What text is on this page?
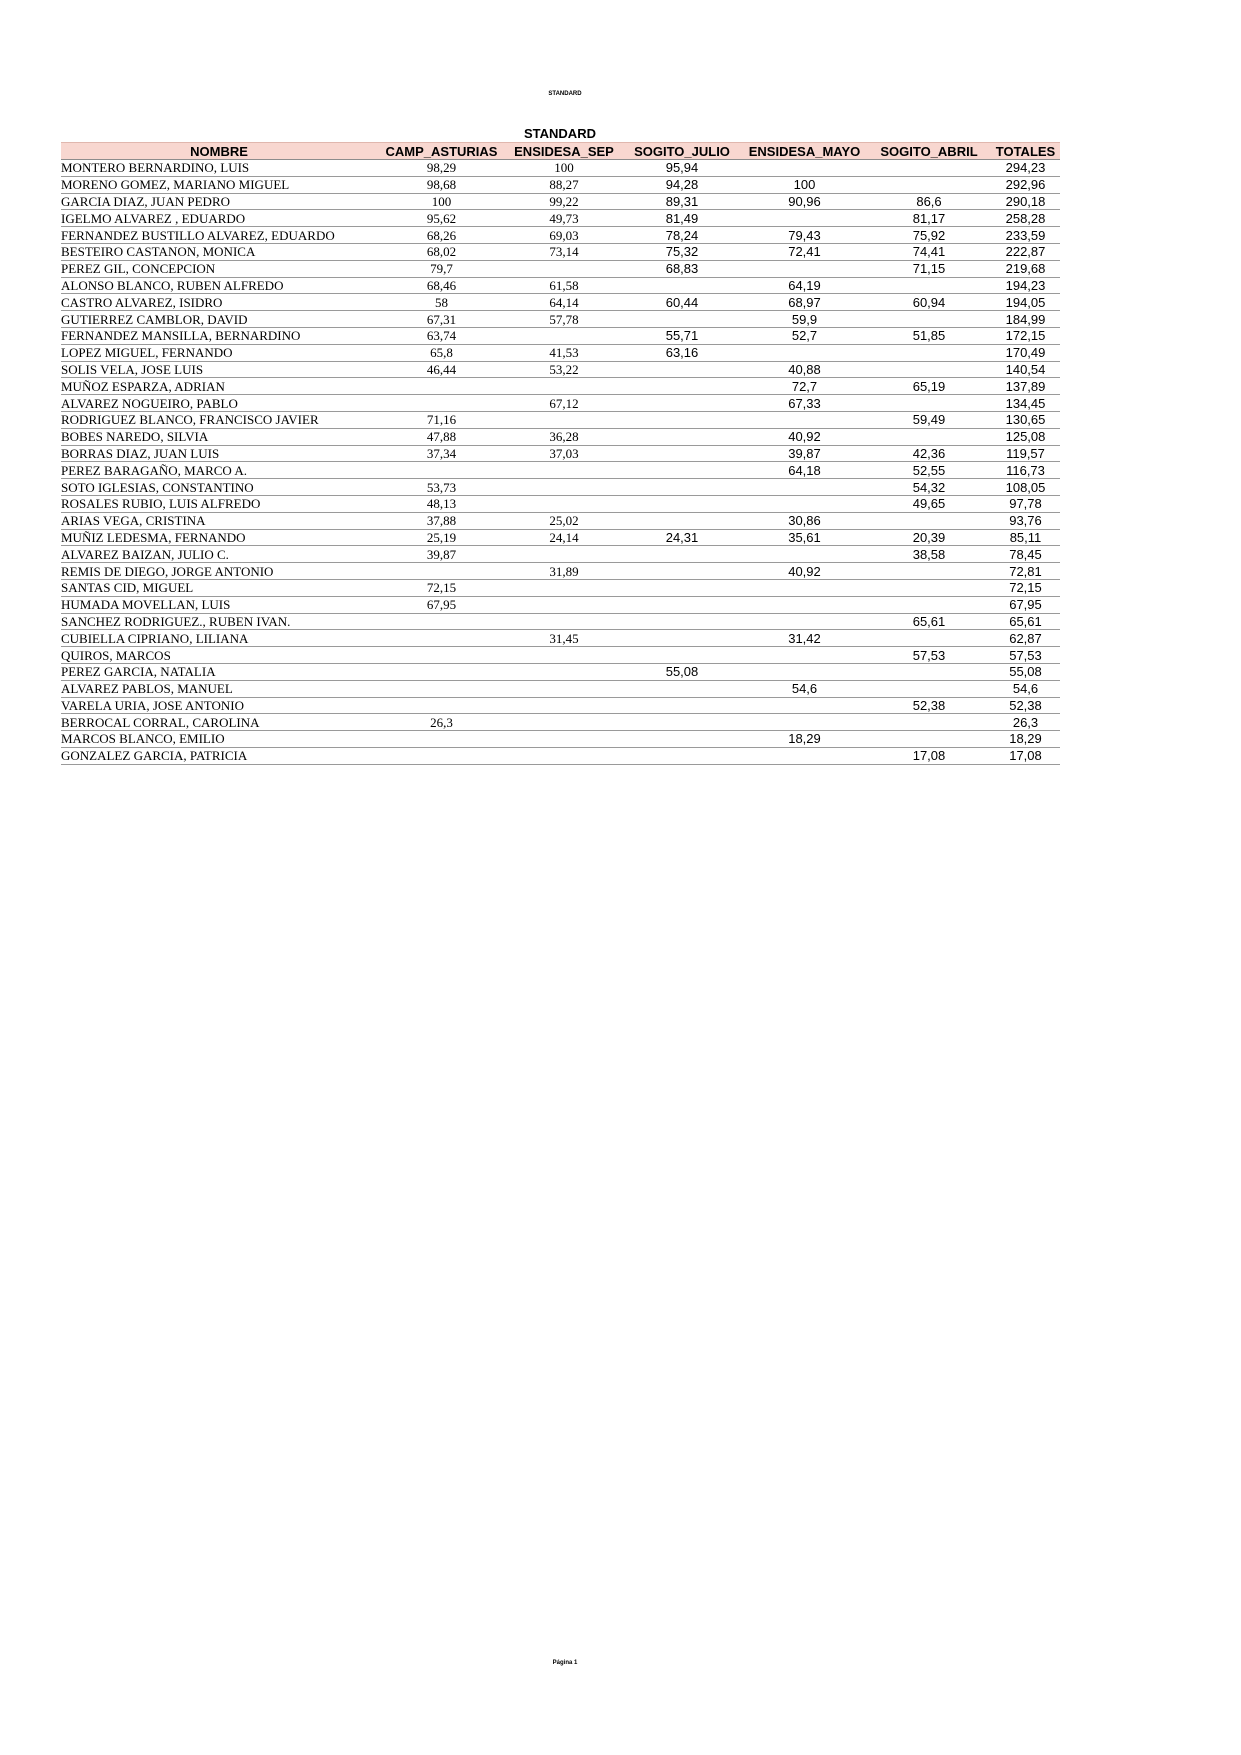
STANDARD
STANDARD
NOMBRE	CAMP_ASTURIAS	ENSIDESA_SEP	SOGITO_JULIO	ENSIDESA_MAYO	SOGITO_ABRIL	TOTALES
MONTERO BERNARDINO, LUIS	98,29	100	95,94			294,23
MORENO GOMEZ, MARIANO MIGUEL	98,68	88,27	94,28	100		292,96
GARCIA DIAZ, JUAN PEDRO	100	99,22	89,31	90,96	86,6	290,18
IGELMO ALVAREZ , EDUARDO	95,62	49,73	81,49		81,17	258,28
FERNANDEZ BUSTILLO ALVAREZ, EDUARDO	68,26	69,03	78,24	79,43	75,92	233,59
BESTEIRO CASTANON, MONICA	68,02	73,14	75,32	72,41	74,41	222,87
PEREZ GIL, CONCEPCION	79,7		68,83		71,15	219,68
ALONSO BLANCO, RUBEN ALFREDO	68,46	61,58		64,19		194,23
CASTRO ALVAREZ, ISIDRO	58	64,14	60,44	68,97	60,94	194,05
GUTIERREZ CAMBLOR, DAVID	67,31	57,78		59,9		184,99
FERNANDEZ MANSILLA, BERNARDINO	63,74		55,71	52,7	51,85	172,15
LOPEZ MIGUEL, FERNANDO	65,8	41,53	63,16			170,49
SOLIS VELA, JOSE LUIS	46,44	53,22		40,88		140,54
MUÑOZ ESPARZA, ADRIAN				72,7	65,19	137,89
ALVAREZ NOGUEIRO, PABLO		67,12		67,33		134,45
RODRIGUEZ BLANCO, FRANCISCO JAVIER	71,16				59,49	130,65
BOBES NAREDO, SILVIA	47,88	36,28		40,92		125,08
BORRAS DIAZ, JUAN LUIS	37,34	37,03		39,87	42,36	119,57
PEREZ BARAGAÑO, MARCO A.				64,18	52,55	116,73
SOTO IGLESIAS, CONSTANTINO	53,73				54,32	108,05
ROSALES RUBIO, LUIS ALFREDO	48,13				49,65	97,78
ARIAS VEGA, CRISTINA	37,88	25,02		30,86		93,76
MUÑIZ LEDESMA, FERNANDO	25,19	24,14	24,31	35,61	20,39	85,11
ALVAREZ BAIZAN, JULIO C.	39,87				38,58	78,45
REMIS DE DIEGO, JORGE ANTONIO		31,89		40,92		72,81
SANTAS CID, MIGUEL	72,15					72,15
HUMADA MOVELLAN, LUIS	67,95					67,95
SANCHEZ RODRIGUEZ., RUBEN IVAN.					65,61	65,61
CUBIELLA CIPRIANO, LILIANA		31,45		31,42		62,87
QUIROS, MARCOS					57,53	57,53
PEREZ GARCIA, NATALIA			55,08			55,08
ALVAREZ PABLOS, MANUEL				54,6		54,6
VARELA URIA, JOSE ANTONIO					52,38	52,38
BERROCAL CORRAL, CAROLINA	26,3					26,3
MARCOS BLANCO, EMILIO				18,29		18,29
GONZALEZ GARCIA, PATRICIA					17,08	17,08
Página 1
